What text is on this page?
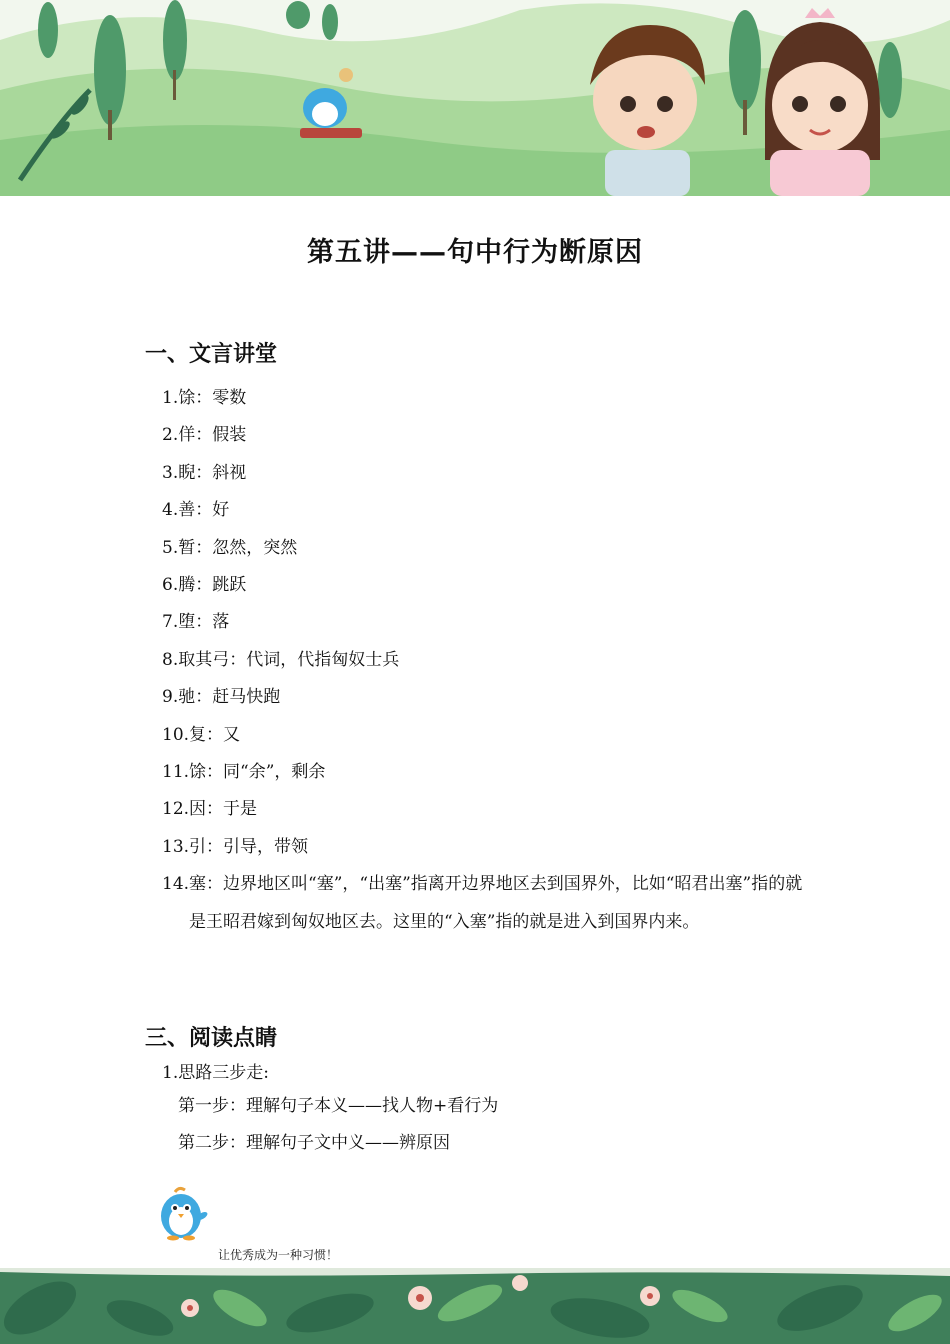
第五讲——句中行为断原因
一、文言讲堂
1. 馀：零数
2. 佯：假装
3. 睨：斜视
4. 善：好
5. 暂：忽然，突然
6. 腾：跳跃
7. 堕：落
8. 取其弓：代词，代指匈奴士兵
9. 驰：赶马快跑
10. 复：又
11. 馀：同“余”，剩余
12. 因：于是
13. 引：引导，带领
14. 塞：边界地区叫“塞”，“出塞”指离开边界地区去到国界外，比如“昭君出塞”指的就是王昭君嫁到匈奴地区去。这里的“入塞”指的就是进入到国界内来。
三、阅读点睛
1.思路三步走:
第一步：理解句子本义——找人物+看行为
第二步：理解句子文中义——辨原因
让优秀成为一种习惯！
